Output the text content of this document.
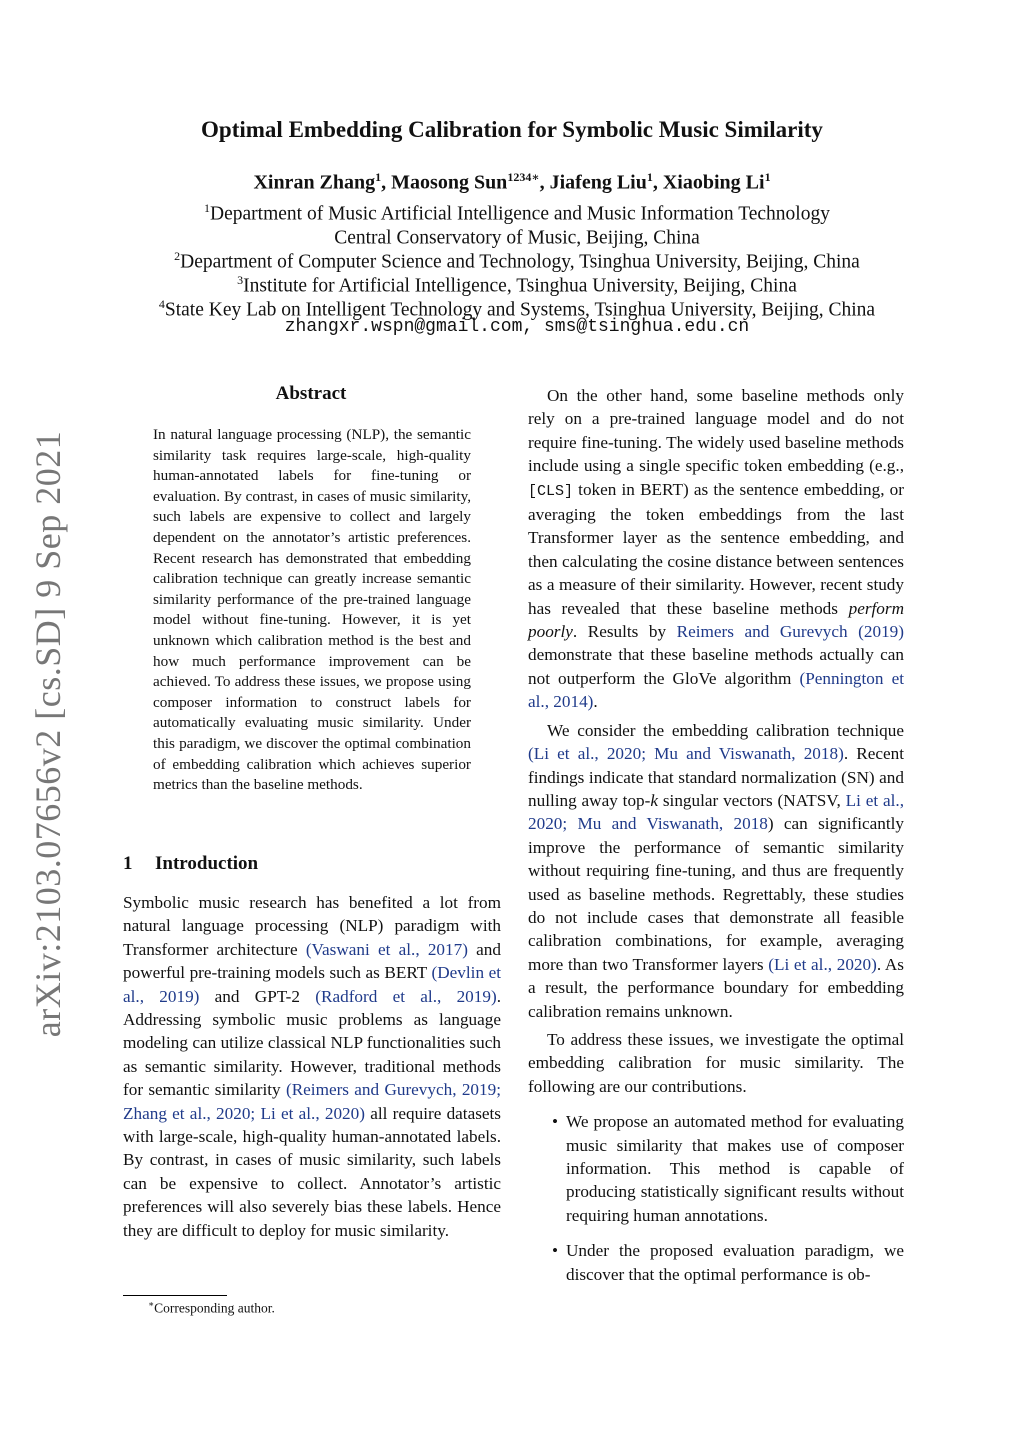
arXiv:2103.07656v2 [cs.SD] 9 Sep 2021
Optimal Embedding Calibration for Symbolic Music Similarity
Xinran Zhang$^1$, Maosong Sun$^{1234∗}$, Jiafeng Liu$^1$, Xiaobing Li$^1$
$^1$Department of Music Artificial Intelligence and Music Information Technology
Central Conservatory of Music, Beijing, China
$^2$Department of Computer Science and Technology, Tsinghua University, Beijing, China
$^3$Institute for Artificial Intelligence, Tsinghua University, Beijing, China
$^4$State Key Lab on Intelligent Technology and Systems, Tsinghua University, Beijing, China
zhangxr.wspn@gmail.com, sms@tsinghua.edu.cn
Abstract
In natural language processing (NLP), the semantic similarity task requires large-scale, high-quality human-annotated labels for fine-tuning or evaluation. By contrast, in cases of music similarity, such labels are expensive to collect and largely dependent on the annotator’s artistic preferences. Recent research has demonstrated that embedding calibration technique can greatly increase semantic similarity performance of the pre-trained language model without fine-tuning. However, it is yet unknown which calibration method is the best and how much performance improvement can be achieved. To address these issues, we propose using composer information to construct labels for automatically evaluating music similarity. Under this paradigm, we discover the optimal combination of embedding calibration which achieves superior metrics than the baseline methods.
1 Introduction
Symbolic music research has benefited a lot from natural language processing (NLP) paradigm with Transformer architecture (Vaswani et al., 2017) and powerful pre-training models such as BERT (Devlin et al., 2019) and GPT-2 (Radford et al., 2019). Addressing symbolic music problems as language modeling can utilize classical NLP functionalities such as semantic similarity. However, traditional methods for semantic similarity (Reimers and Gurevych, 2019; Zhang et al., 2020; Li et al., 2020) all require datasets with large-scale, high-quality human-annotated labels. By contrast, in cases of music similarity, such labels can be expensive to collect. Annotator’s artistic preferences will also severely bias these labels. Hence they are difficult to deploy for music similarity.
∗Corresponding author.

On the other hand, some baseline methods only rely on a pre-trained language model and do not require fine-tuning. The widely used baseline methods include using a single specific token embedding (e.g., [CLS] token in BERT) as the sentence embedding, or averaging the token embeddings from the last Transformer layer as the sentence embedding, and then calculating the cosine distance between sentences as a measure of their similarity. However, recent study has revealed that these baseline methods perform poorly. Results by Reimers and Gurevych (2019) demonstrate that these baseline methods actually can not outperform the GloVe algorithm (Pennington et al., 2014).

We consider the embedding calibration technique (Li et al., 2020; Mu and Viswanath, 2018). Recent findings indicate that standard normalization (SN) and nulling away top-k singular vectors (NATSV, Li et al., 2020; Mu and Viswanath, 2018) can significantly improve the performance of semantic similarity without requiring fine-tuning, and thus are frequently used as baseline methods. Regrettably, these studies do not include cases that demonstrate all feasible calibration combinations, for example, averaging more than two Transformer layers (Li et al., 2020). As a result, the performance boundary for embedding calibration remains unknown.

To address these issues, we investigate the optimal embedding calibration for music similarity. The following are our contributions.

• We propose an automated method for evaluating music similarity that makes use of composer information. This method is capable of producing statistically significant results without requiring human annotations.
• Under the proposed evaluation paradigm, we discover that the optimal performance is ob-
